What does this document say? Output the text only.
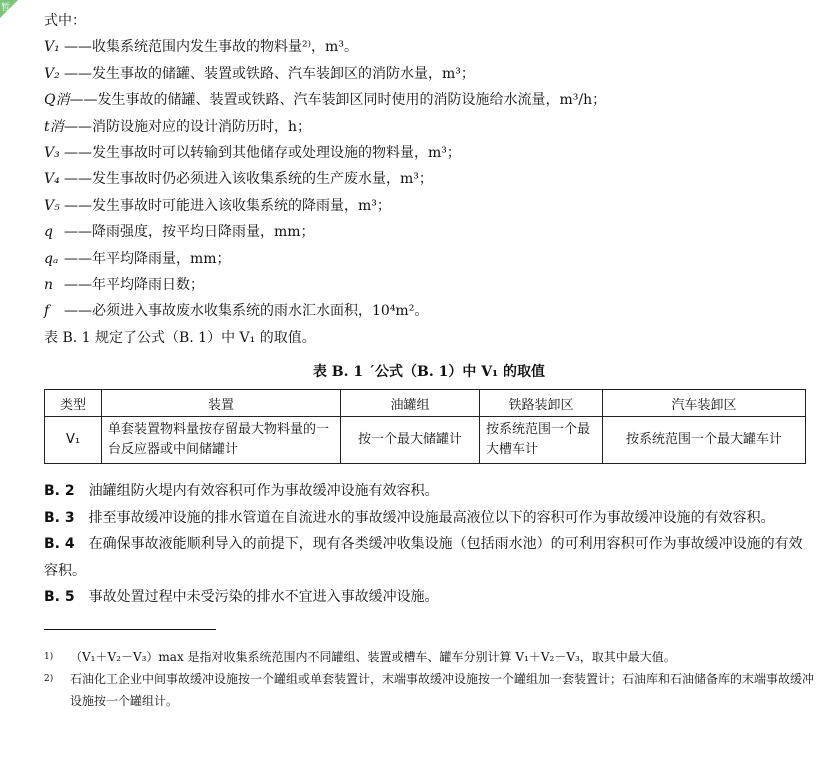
暂
式中：
V₁ ——收集系统范围内发生事故的物料量²⁾，m³。
V₂ ——发生事故的储罐、装置或铁路、汽车装卸区的消防水量，m³；
Q消——发生事故的储罐、装置或铁路、汽车装卸区同时使用的消防设施给水流量，m³/h；
t消——消防设施对应的设计消防历时，h；
V₃ ——发生事故时可以转输到其他储存或处理设施的物料量，m³；
V₄ ——发生事故时仍必须进入该收集系统的生产废水量，m³；
V₅ ——发生事故时可能进入该收集系统的降雨量，m³；
q ——降雨强度，按平均日降雨量，mm；
qₐ ——年平均降雨量，mm；
n ——年平均降雨日数；
f ——必须进入事故废水收集系统的雨水汇水面积，10⁴m²。
表 B. 1 规定了公式（B. 1）中 V₁ 的取值。
表 B. 1 ˊ公式（B. 1）中 V₁ 的取值
类型	装置	油罐组	铁路装卸区	汽车装卸区
V₁	单套装置物料量按存留最大物料量的一台反应器或中间储罐计	按一个最大储罐计	按系统范围一个最大槽车计	按系统范围一个最大罐车计
B. 2 油罐组防火堤内有效容积可作为事故缓冲设施有效容积。
B. 3 排至事故缓冲设施的排水管道在自流进水的事故缓冲设施最高液位以下的容积可作为事故缓冲设施的有效容积。
B. 4 在确保事故液能顺利导入的前提下，现有各类缓冲收集设施（包括雨水池）的可利用容积可作为事故缓冲设施的有效容积。
B. 5 事故处置过程中未受污染的排水不宜进入事故缓冲设施。
1)	（V₁＋V₂－V₃）max 是指对收集系统范围内不同罐组、装置或槽车、罐车分别计算 V₁＋V₂－V₃，取其中最大值。
2)	石油化工企业中间事故缓冲设施按一个罐组或单套装置计，末端事故缓冲设施按一个罐组加一套装置计；石油库和石油储备库的末端事故缓冲设施按一个罐组计。
